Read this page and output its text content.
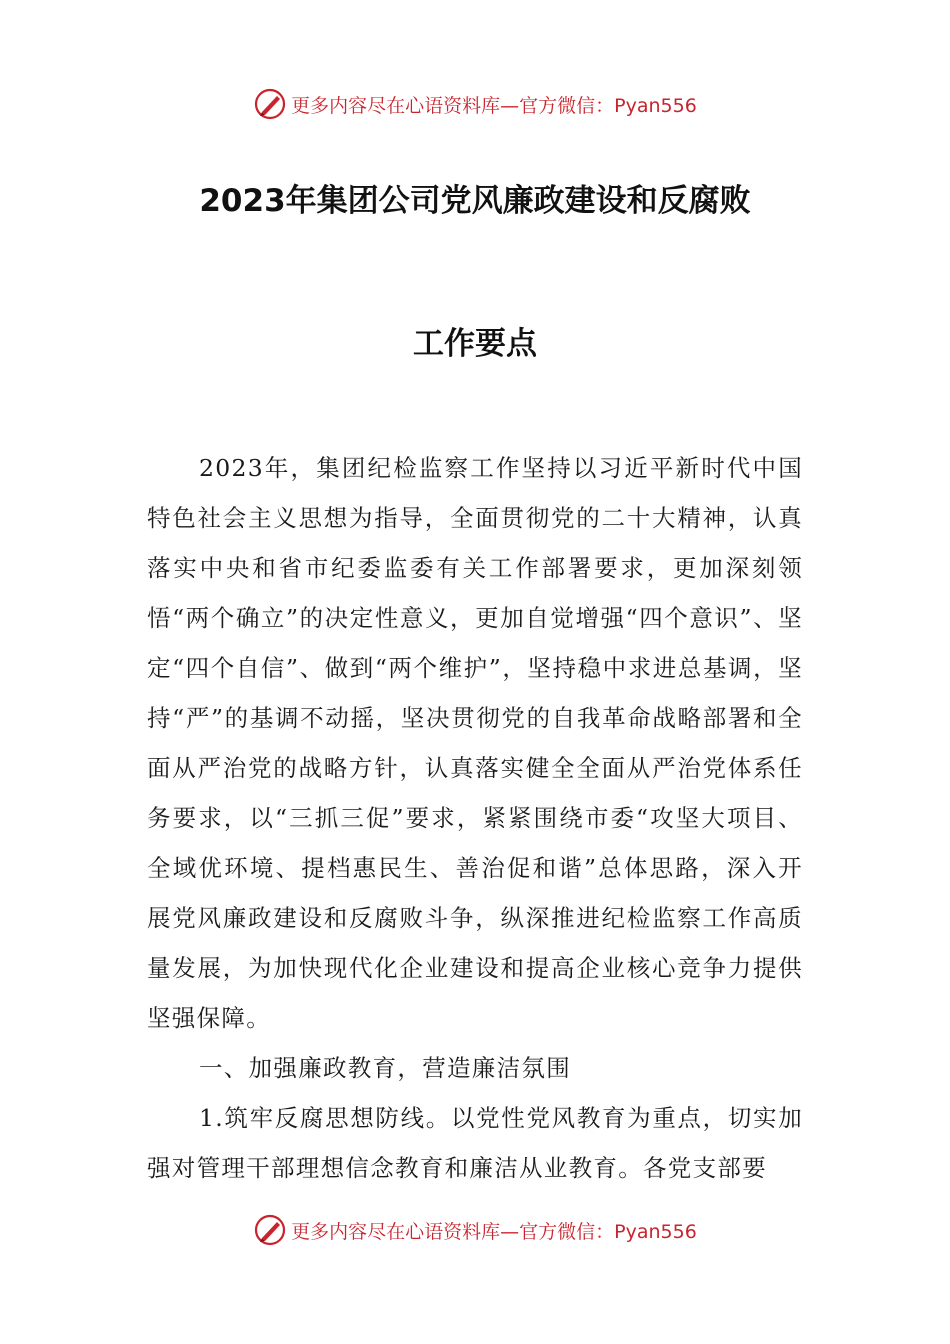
更多内容尽在心语资料库—官方微信：Pyan556
2023年集团公司党风廉政建设和反腐败
工作要点

2023年，集团纪检监察工作坚持以习近平新时代中国特色社会主义思想为指导，全面贯彻党的二十大精神，认真落实中央和省市纪委监委有关工作部署要求，更加深刻领悟“两个确立”的决定性意义，更加自觉增强“四个意识”、坚定“四个自信”、做到“两个维护”，坚持稳中求进总基调，坚持“严”的基调不动摇，坚决贯彻党的自我革命战略部署和全面从严治党的战略方针，认真落实健全全面从严治党体系任务要求，以“三抓三促”要求，紧紧围绕市委“攻坚大项目、全域优环境、提档惠民生、善治促和谐”总体思路，深入开展党风廉政建设和反腐败斗争，纵深推进纪检监察工作高质量发展，为加快现代化企业建设和提高企业核心竞争力提供坚强保障。

一、加强廉政教育，营造廉洁氛围

1.筑牢反腐思想防线。以党性党风教育为重点，切实加强对管理干部理想信念教育和廉洁从业教育。各党支部要

更多内容尽在心语资料库—官方微信：Pyan556
